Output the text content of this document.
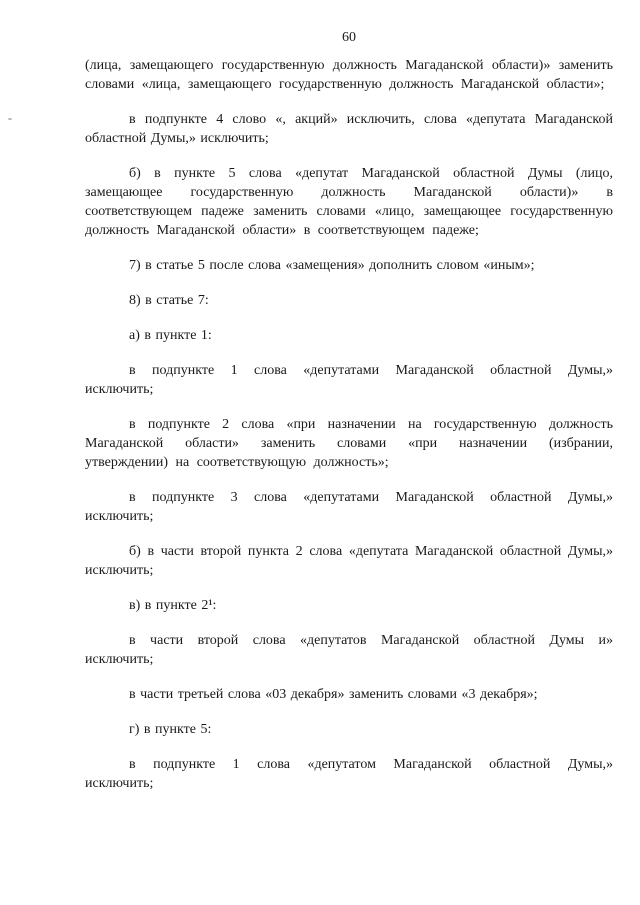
60

(лица, замещающего государственную должность Магаданской области)» заменить словами «лица, замещающего государственную должность Магаданской области»;

в подпункте 4 слово «, акций» исключить, слова «депутата Магаданской областной Думы,» исключить;

б) в пункте 5 слова «депутат Магаданской областной Думы (лицо, замещающее государственную должность Магаданской области)» в соответствующем падеже заменить словами «лицо, замещающее государственную должность Магаданской области» в соответствующем падеже;

7) в статье 5 после слова «замещения» дополнить словом «иным»;

8) в статье 7:

а) в пункте 1:

в подпункте 1 слова «депутатами Магаданской областной Думы,» исключить;

в подпункте 2 слова «при назначении на государственную должность Магаданской области» заменить словами «при назначении (избрании, утверждении) на соответствующую должность»;

в подпункте 3 слова «депутатами Магаданской областной Думы,» исключить;

б) в части второй пункта 2 слова «депутата Магаданской областной Думы,» исключить;

в) в пункте 2¹:

в части второй слова «депутатов Магаданской областной Думы и» исключить;

в части третьей слова «03 декабря» заменить словами «3 декабря»;

г) в пункте 5:

в подпункте 1 слова «депутатом Магаданской областной Думы,» исключить;
